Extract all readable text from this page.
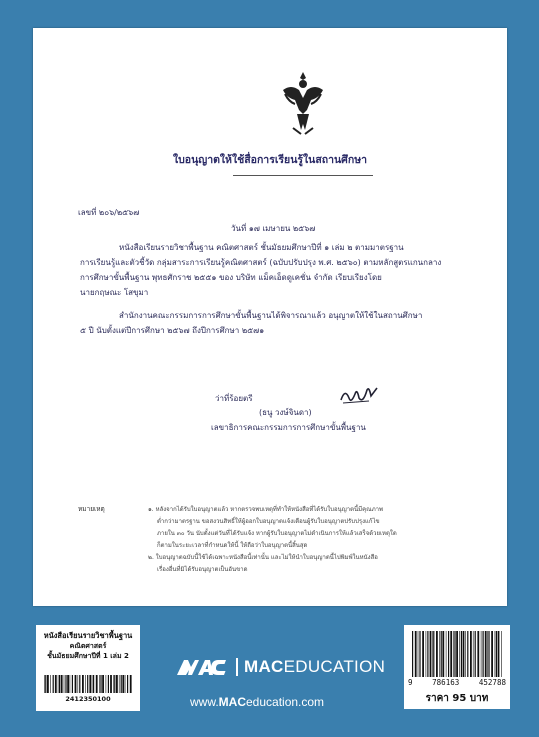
ใบอนุญาตให้ใช้สื่อการเรียนรู้ในสถานศึกษา
เลขที่ ๒๐๖/๒๕๖๗
วันที่ ๑๗ เมษายน ๒๕๖๗
หนังสือเรียนรายวิชาพื้นฐาน คณิตศาสตร์ ชั้นมัธยมศึกษาปีที่ ๑ เล่ม ๒ ตามมาตรฐาน
การเรียนรู้และตัวชี้วัด กลุ่มสาระการเรียนรู้คณิตศาสตร์ (ฉบับปรับปรุง พ.ศ. ๒๕๖๐) ตามหลักสูตรแกนกลาง
การศึกษาขั้นพื้นฐาน พุทธศักราช ๒๕๕๑ ของ บริษัท แม็คเอ็ดดูเคชั่น จำกัด เรียบเรียงโดย
นายกฤษณะ โสขุมา
สำนักงานคณะกรรมการการศึกษาขั้นพื้นฐานได้พิจารณาแล้ว อนุญาตให้ใช้ในสถานศึกษา
๕ ปี นับตั้งแต่ปีการศึกษา ๒๕๖๗ ถึงปีการศึกษา ๒๕๗๑
ว่าที่ร้อยตรี
(ธนู วงษ์จินดา)
เลขาธิการคณะกรรมการการศึกษาขั้นพื้นฐาน
หมายเหตุ	๑. หลังจากได้รับใบอนุญาตแล้ว หากตรวจพบเหตุที่ทำให้หนังสือที่ได้รับใบอนุญาตนี้มีคุณภาพ
ต่ำกว่ามาตรฐาน ขอสงวนสิทธิ์ให้ผู้ออกใบอนุญาตแจ้งเตือนผู้รับใบอนุญาตปรับปรุงแก้ไข
ภายใน ๓๐ วัน นับตั้งแต่วันที่ได้รับแจ้ง หากผู้รับใบอนุญาตไม่ดำเนินการให้แล้วเสร็จด้วยเหตุใด
ก็ตามในระยะเวลาที่กำหนดให้นี้ ให้ถือว่าใบอนุญาตนี้สิ้นสุด
๒. ใบอนุญาตฉบับนี้ใช้ได้เฉพาะหนังสือนี้เท่านั้น และไม่ให้นำใบอนุญาตนี้ไปพิมพ์ในหนังสือ
เรื่องอื่นที่มิได้รับอนุญาตเป็นอันขาด
หนังสือเรียนรายวิชาพื้นฐาน
คณิตศาสตร์
ชั้นมัธยมศึกษาปีที่ 1 เล่ม 2
2412350100
MACEDUCATION
www.MACeducation.com
9	786163	452788
ราคา 95 บาท
